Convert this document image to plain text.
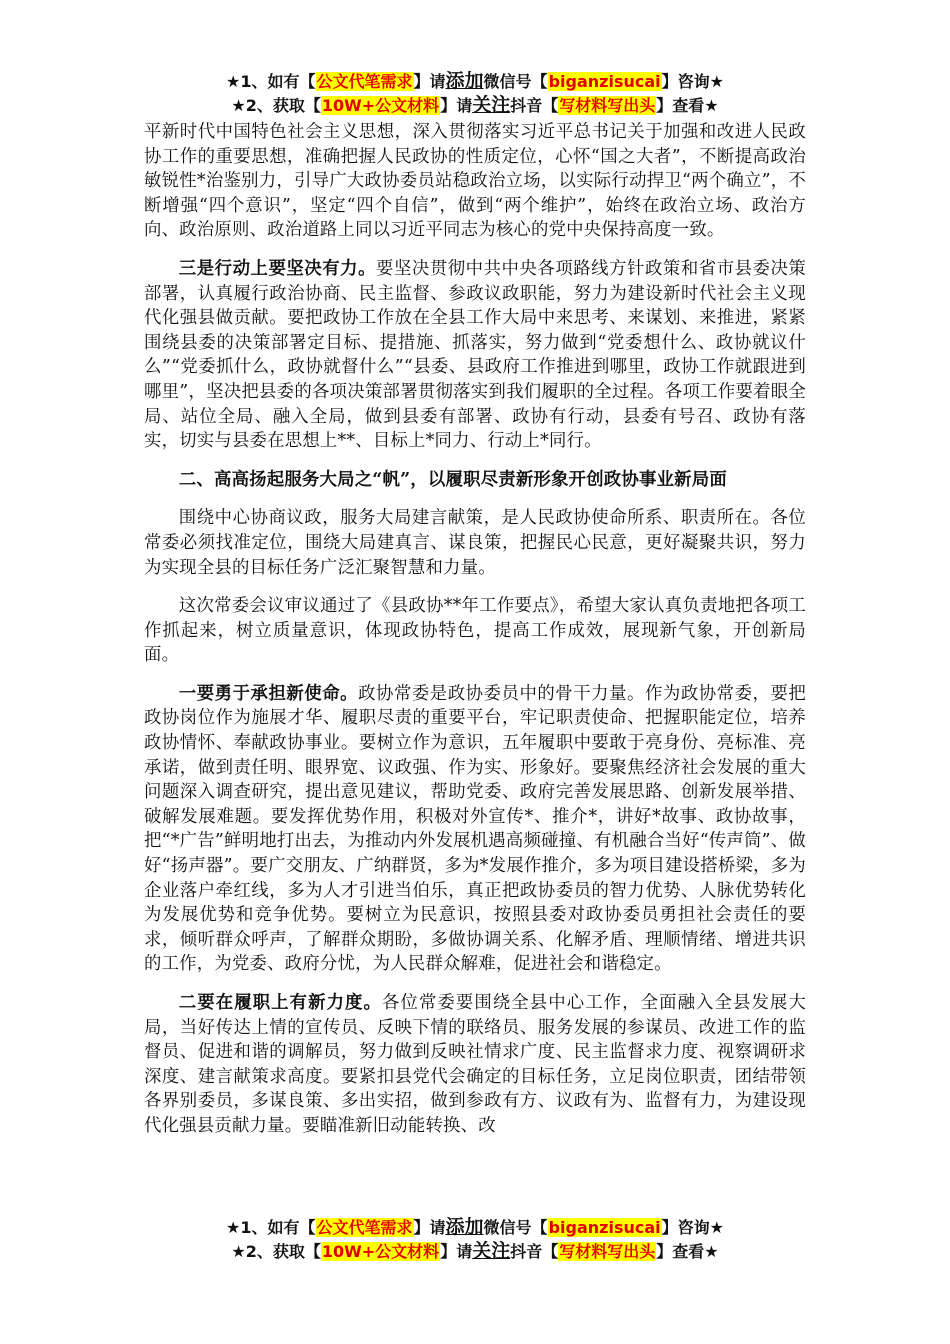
★1、如有【公文代笔需求】请添加微信号【biganzisucai】咨询★
★2、获取【10W+公文材料】请关注抖音【写材料写出头】查看★

平新时代中国特色社会主义思想，深入贯彻落实习近平总书记关于加强和改进人民政协工作的重要思想，准确把握人民政协的性质定位，心怀“国之大者”，不断提高政治敏锐性*治鉴别力，引导广大政协委员站稳政治立场，以实际行动捍卫“两个确立”，不断增强“四个意识”，坚定“四个自信”，做到“两个维护”，始终在政治立场、政治方向、政治原则、政治道路上同以习近平同志为核心的党中央保持高度一致。

三是行动上要坚决有力。要坚决贯彻中共中央各项路线方针政策和省市县委决策部署，认真履行政治协商、民主监督、参政议政职能，努力为建设新时代社会主义现代化强县做贡献。要把政协工作放在全县工作大局中来思考、来谋划、来推进，紧紧围绕县委的决策部署定目标、提措施、抓落实，努力做到“党委想什么、政协就议什么”“党委抓什么，政协就督什么”“县委、县政府工作推进到哪里，政协工作就跟进到哪里”，坚决把县委的各项决策部署贯彻落实到我们履职的全过程。各项工作要着眼全局、站位全局、融入全局，做到县委有部署、政协有行动，县委有号召、政协有落实，切实与县委在思想上**、目标上*同力、行动上*同行。

二、高高扬起服务大局之“帆”，以履职尽责新形象开创政协事业新局面

围绕中心协商议政，服务大局建言献策，是人民政协使命所系、职责所在。各位常委必须找准定位，围绕大局建真言、谋良策，把握民心民意，更好凝聚共识，努力为实现全县的目标任务广泛汇聚智慧和力量。

这次常委会议审议通过了《县政协**年工作要点》，希望大家认真负责地把各项工作抓起来，树立质量意识，体现政协特色，提高工作成效，展现新气象，开创新局面。

一要勇于承担新使命。政协常委是政协委员中的骨干力量。作为政协常委，要把政协岗位作为施展才华、履职尽责的重要平台，牢记职责使命、把握职能定位，培养政协情怀、奉献政协事业。要树立作为意识，五年履职中要敢于亮身份、亮标准、亮承诺，做到责任明、眼界宽、议政强、作为实、形象好。要聚焦经济社会发展的重大问题深入调查研究，提出意见建议，帮助党委、政府完善发展思路、创新发展举措、破解发展难题。要发挥优势作用，积极对外宣传*、推介*，讲好*故事、政协故事，把“*广告”鲜明地打出去，为推动内外发展机遇高频碰撞、有机融合当好“传声筒”、做好“扬声器”。要广交朋友、广纳群贤，多为*发展作推介，多为项目建设搭桥梁，多为企业落户牵红线，多为人才引进当伯乐，真正把政协委员的智力优势、人脉优势转化为发展优势和竞争优势。要树立为民意识，按照县委对政协委员勇担社会责任的要求，倾听群众呼声，了解群众期盼，多做协调关系、化解矛盾、理顺情绪、增进共识的工作，为党委、政府分忧，为人民群众解难，促进社会和谐稳定。

二要在履职上有新力度。各位常委要围绕全县中心工作，全面融入全县发展大局，当好传达上情的宣传员、反映下情的联络员、服务发展的参谋员、改进工作的监督员、促进和谐的调解员，努力做到反映社情求广度、民主监督求力度、视察调研求深度、建言献策求高度。要紧扣县党代会确定的目标任务，立足岗位职责，团结带领各界别委员，多谋良策、多出实招，做到参政有方、议政有为、监督有力，为建设现代化强县贡献力量。要瞄准新旧动能转换、改

★1、如有【公文代笔需求】请添加微信号【biganzisucai】咨询★
★2、获取【10W+公文材料】请关注抖音【写材料写出头】查看★
